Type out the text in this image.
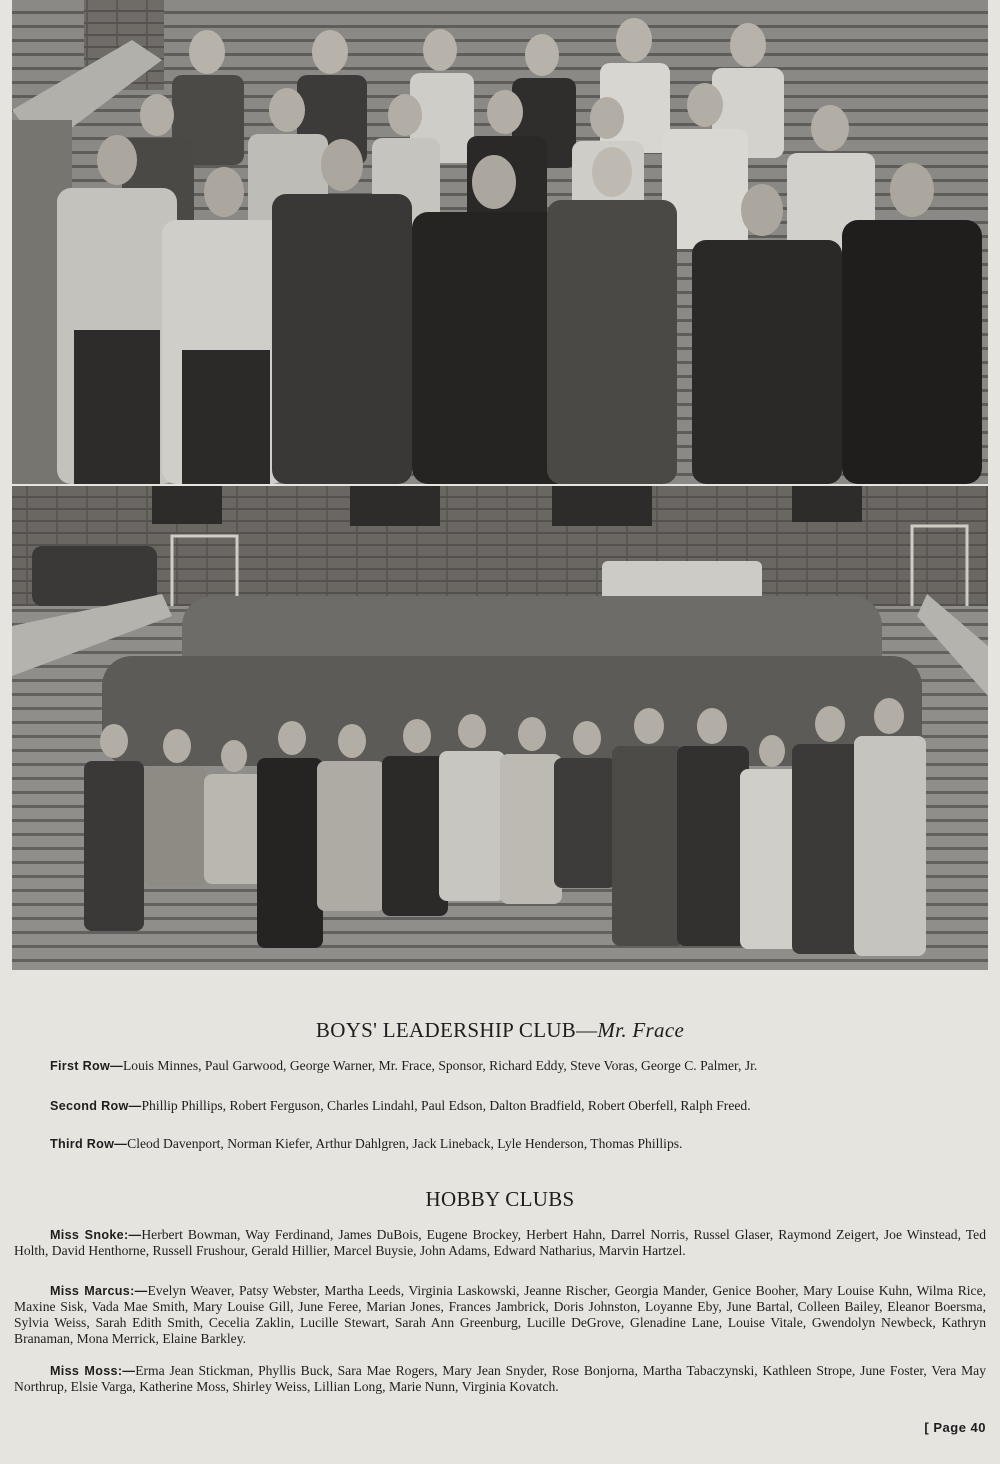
BOYS' LEADERSHIP CLUB—Mr. Frace

First Row—Louis Minnes, Paul Garwood, George Warner, Mr. Frace, Sponsor, Richard Eddy, Steve Voras, George C. Palmer, Jr.

Second Row—Phillip Phillips, Robert Ferguson, Charles Lindahl, Paul Edson, Dalton Bradfield, Robert Oberfell, Ralph Freed.

Third Row—Cleod Davenport, Norman Kiefer, Arthur Dahlgren, Jack Lineback, Lyle Henderson, Thomas Phillips.

HOBBY CLUBS

Miss Snoke:—Herbert Bowman, Way Ferdinand, James DuBois, Eugene Brockey, Herbert Hahn, Darrel Norris, Russel Glaser, Raymond Zeigert, Joe Winstead, Ted Holth, David Henthorne, Russell Frushour, Gerald Hillier, Marcel Buysie, John Adams, Edward Natharius, Marvin Hartzel.

Miss Marcus:—Evelyn Weaver, Patsy Webster, Martha Leeds, Virginia Laskowski, Jeanne Rischer, Georgia Mander, Genice Booher, Mary Louise Kuhn, Wilma Rice, Maxine Sisk, Vada Mae Smith, Mary Louise Gill, June Feree, Marian Jones, Frances Jambrick, Doris Johnston, Loyanne Eby, June Bartal, Colleen Bailey, Eleanor Boersma, Sylvia Weiss, Sarah Edith Smith, Cecelia Zaklin, Lucille Stewart, Sarah Ann Greenburg, Lucille DeGrove, Glenadine Lane, Louise Vitale, Gwendolyn Newbeck, Kathryn Branaman, Mona Merrick, Elaine Barkley.

Miss Moss:—Erma Jean Stickman, Phyllis Buck, Sara Mae Rogers, Mary Jean Snyder, Rose Bonjorna, Martha Tabaczynski, Kathleen Strope, June Foster, Vera May Northrup, Elsie Varga, Katherine Moss, Shirley Weiss, Lillian Long, Marie Nunn, Virginia Kovatch.

[ Page 40
